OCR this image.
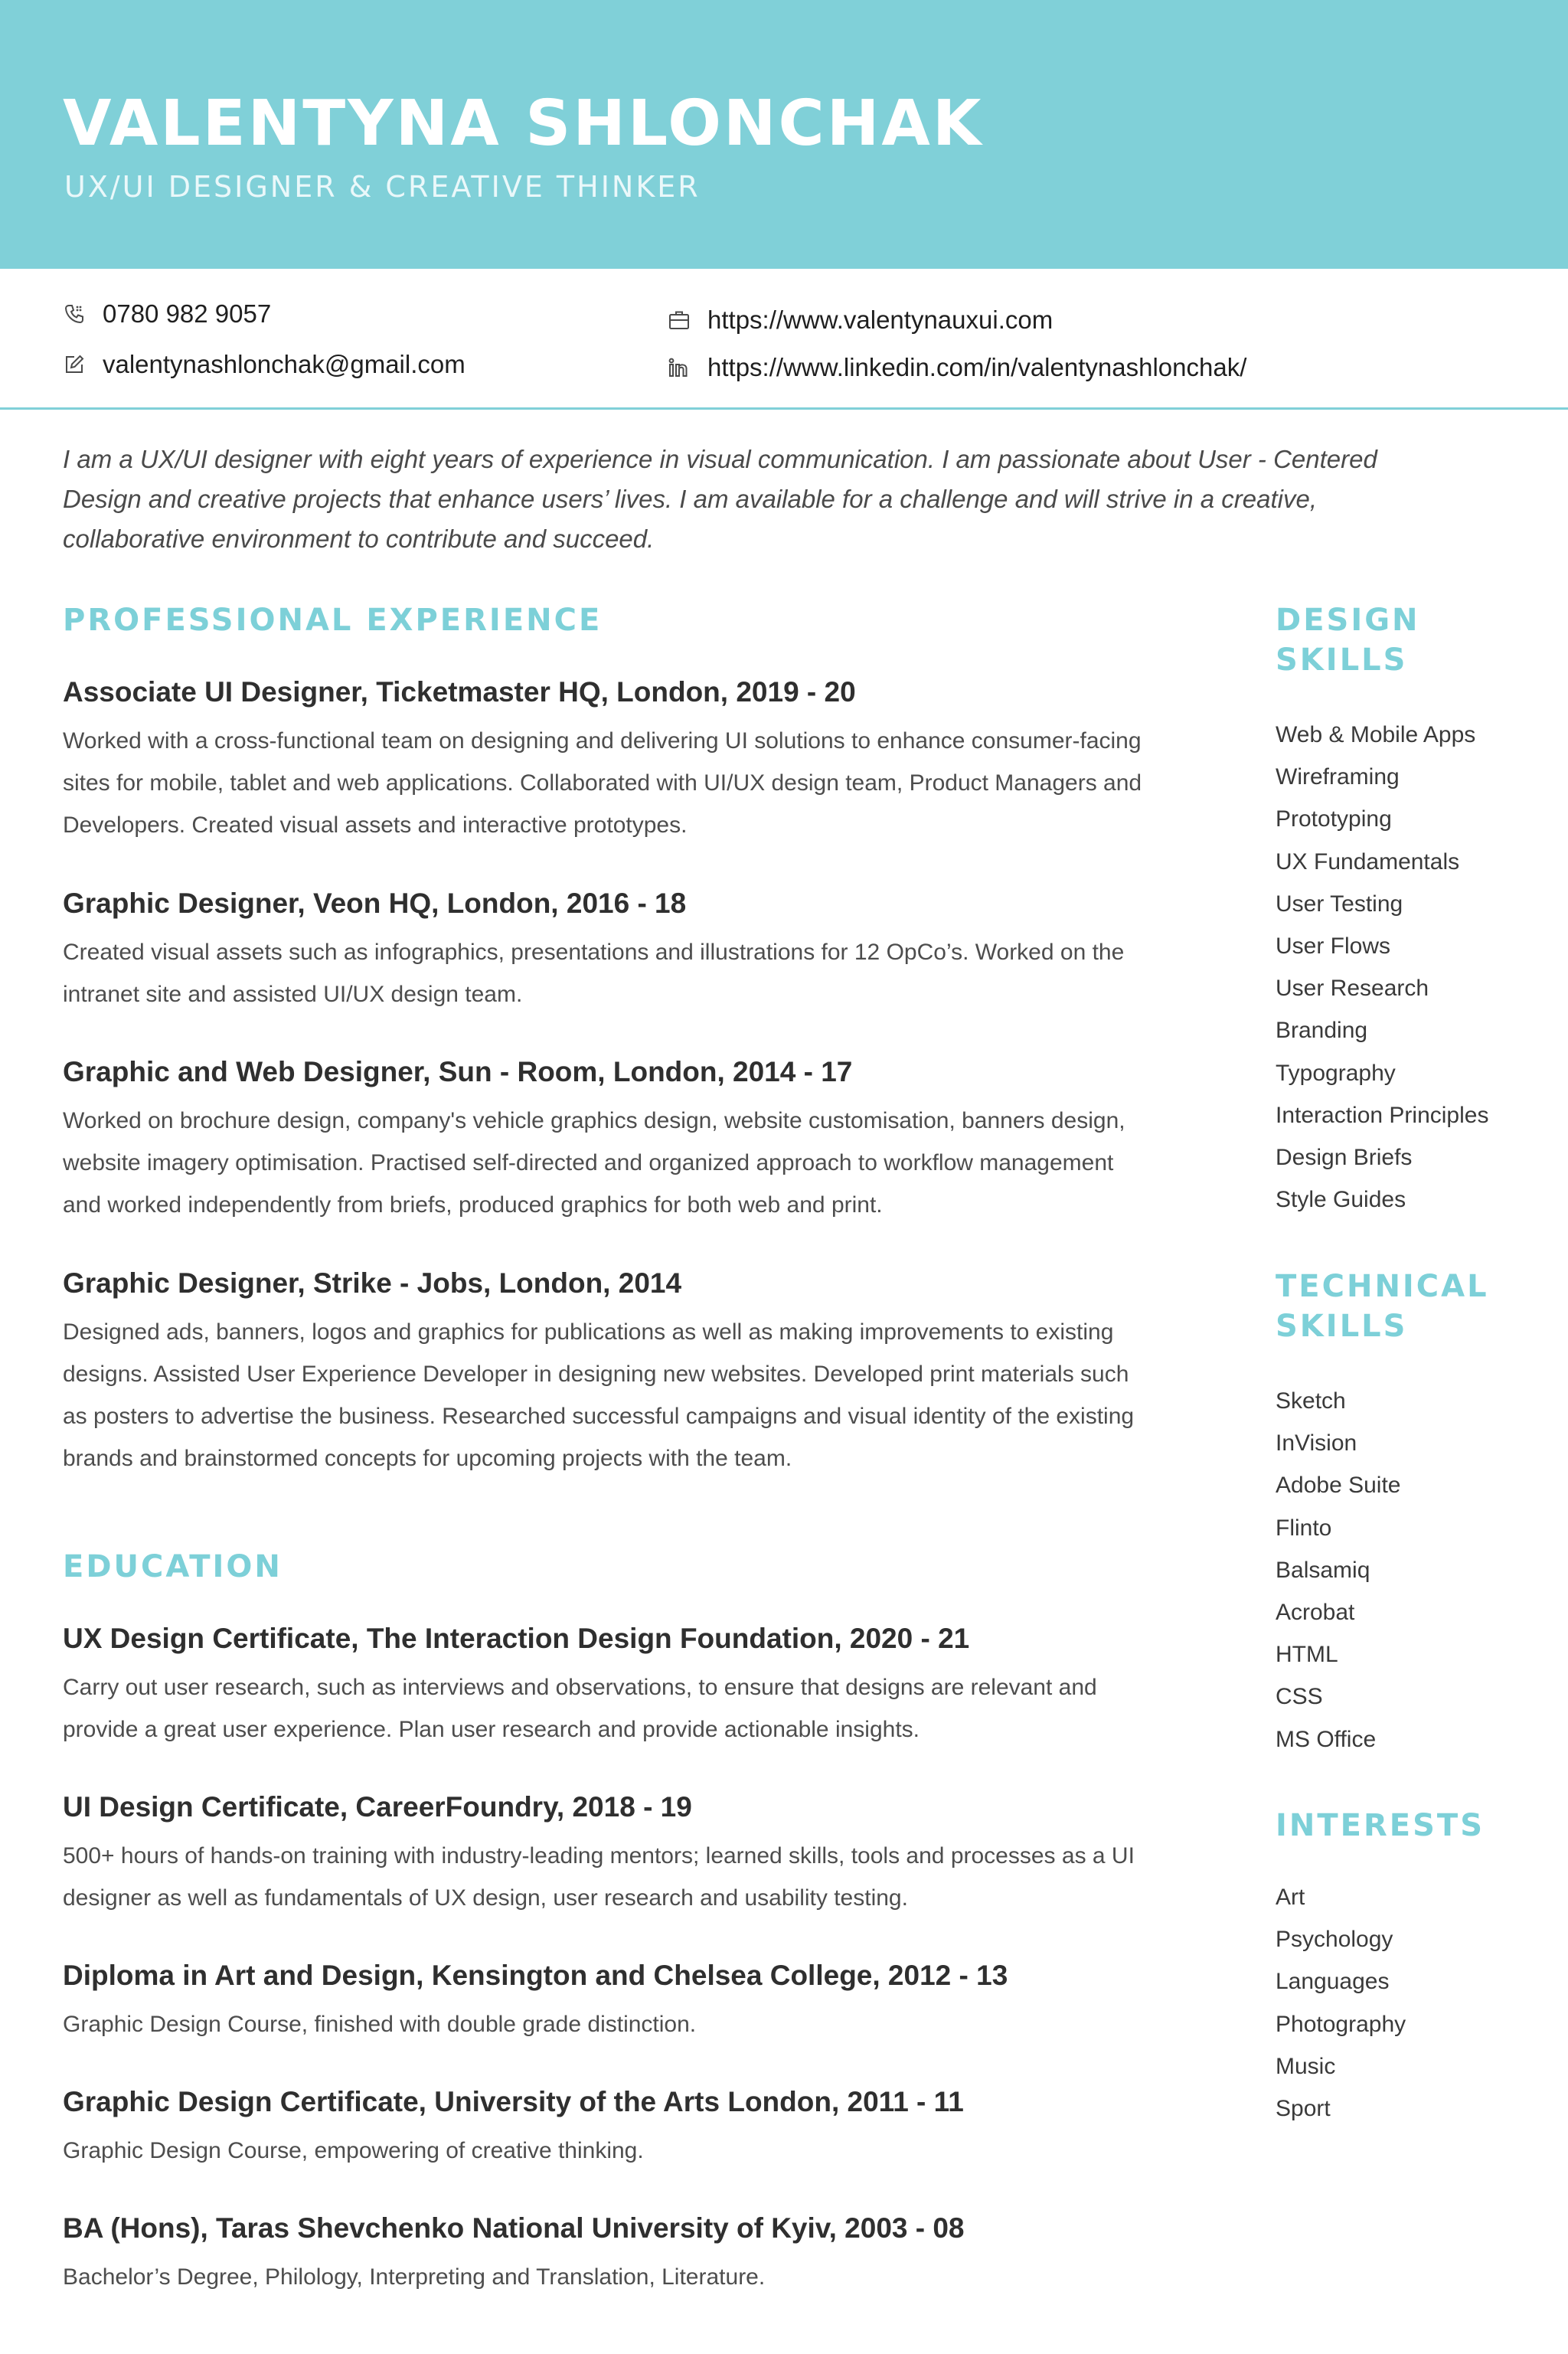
VALENTYNA SHLONCHAK
UX/UI DESIGNER & CREATIVE THINKER
0780 982 9057
valentynashlonchak@gmail.com
https://www.valentynauxui.com
https://www.linkedin.com/in/valentynashlonchak/

I am a UX/UI designer with eight years of experience in visual communication. I am passionate about User - Centered Design and creative projects that enhance users’ lives. I am available for a challenge and will strive in a creative, collaborative environment to contribute and succeed.

PROFESSIONAL EXPERIENCE
Associate UI Designer, Ticketmaster HQ, London, 2019 - 20

Worked with a cross-functional team on designing and delivering UI solutions to enhance consumer-facing sites for mobile, tablet and web applications. Collaborated with UI/UX design team, Product Managers and Developers. Created visual assets and interactive prototypes.

Graphic Designer, Veon HQ, London, 2016 - 18

Created visual assets such as infographics, presentations and illustrations for 12 OpCo’s. Worked on the intranet site and assisted UI/UX design team.

Graphic and Web Designer, Sun - Room, London, 2014 - 17

Worked on brochure design, company's vehicle graphics design, website customisation, banners design, website imagery optimisation. Practised self-directed and organized approach to workflow management and worked independently from briefs, produced graphics for both web and print.

Graphic Designer, Strike - Jobs, London, 2014

Designed ads, banners, logos and graphics for publications as well as making improvements to existing designs. Assisted User Experience Developer in designing new websites. Developed print materials such as posters to advertise the business. Researched successful campaigns and visual identity of the existing brands and brainstormed concepts for upcoming projects with the team.

EDUCATION
UX Design Certificate, The Interaction Design Foundation, 2020 - 21

Carry out user research, such as interviews and observations, to ensure that designs are relevant and provide a great user experience. Plan user research and provide actionable insights.

UI Design Certificate, CareerFoundry, 2018 - 19

500+ hours of hands-on training with industry-leading mentors; learned skills, tools and processes as a UI designer as well as fundamentals of UX design, user research and usability testing.

Diploma in Art and Design, Kensington and Chelsea College, 2012 - 13

Graphic Design Course, finished with double grade distinction.

Graphic Design Certificate, University of the Arts London, 2011 - 11

Graphic Design Course, empowering of creative thinking.

BA (Hons), Taras Shevchenko National University of Kyiv, 2003 - 08

Bachelor’s Degree, Philology, Interpreting and Translation, Literature.

DESIGN
SKILLS
Web & Mobile Apps
Wireframing
Prototyping
UX Fundamentals
User Testing
User Flows
User Research
Branding
Typography
Interaction Principles
Design Briefs
Style Guides
TECHNICAL
SKILLS
Sketch
InVision
Adobe Suite
Flinto
Balsamiq
Acrobat
HTML
CSS
MS Office
INTERESTS
Art
Psychology
Languages
Photography
Music
Sport
